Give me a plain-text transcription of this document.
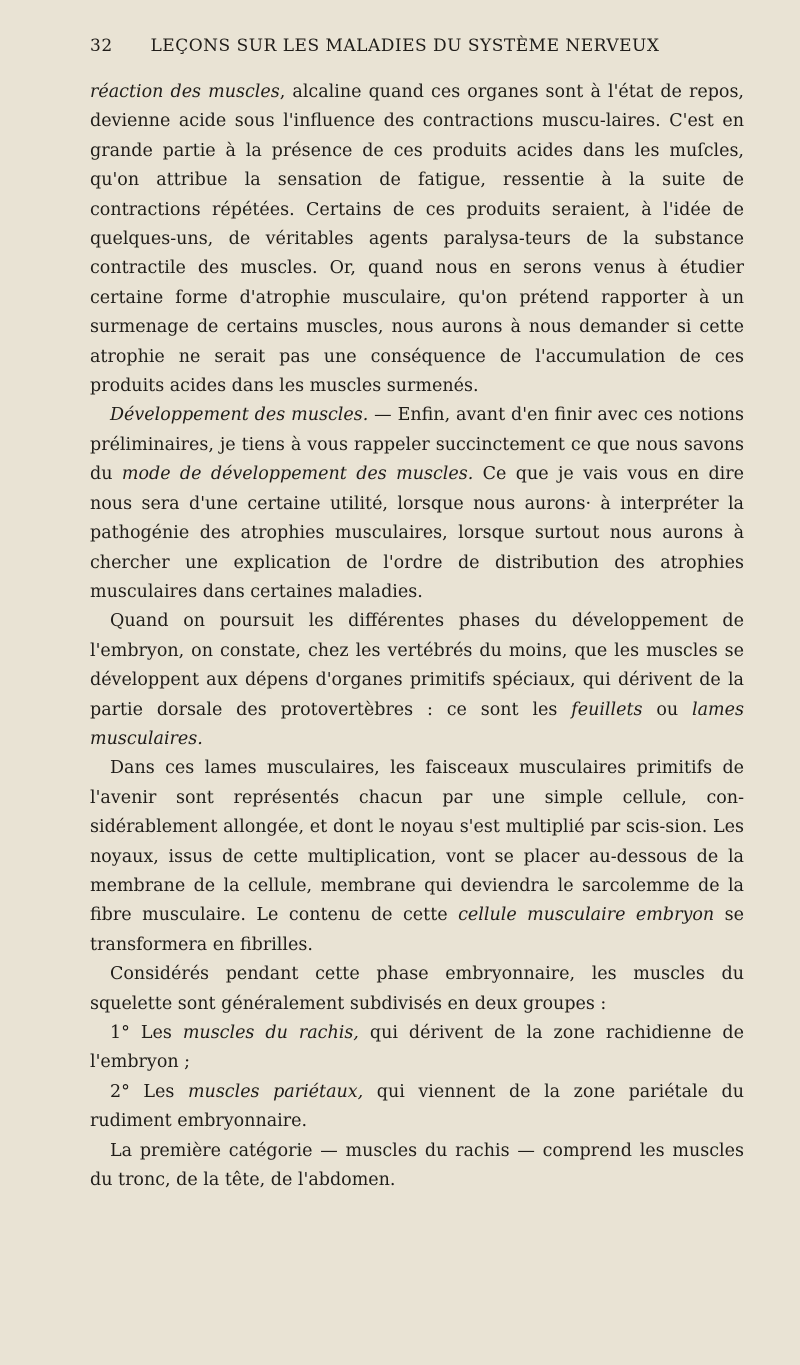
32	LEÇONS SUR LES MALADIES DU SYSTÈME NERVEUX

réaction des muscles, alcaline quand ces organes sont à l'état de repos, devienne acide sous l'influence des contractions muscu-laires. C'est en grande partie à la présence de ces produits acides dans les muſcles, qu'on attribue la sensation de fatigue, ressentie à la suite de contractions répétées. Certains de ces produits seraient, à l'idée de quelques-uns, de véritables agents paralysa-teurs de la substance contractile des muscles. Or, quand nous en serons venus à étudier certaine forme d'atrophie musculaire, qu'on prétend rapporter à un surmenage de certains muscles, nous aurons à nous demander si cette atrophie ne serait pas une conséquence de l'accumulation de ces produits acides dans les muscles surmenés.

Développement des muscles. — Enfin, avant d'en finir avec ces notions préliminaires, je tiens à vous rappeler succinctement ce que nous savons du mode de développement des muscles. Ce que je vais vous en dire nous sera d'une certaine utilité, lorsque nous aurons· à interpréter la pathogénie des atrophies musculaires, lorsque surtout nous aurons à chercher une explication de l'ordre de distribution des atrophies musculaires dans certaines maladies.

Quand on poursuit les différentes phases du développement de l'embryon, on constate, chez les vertébrés du moins, que les muscles se développent aux dépens d'organes primitifs spéciaux, qui dérivent de la partie dorsale des protovertèbres : ce sont les feuillets ou lames musculaires.

Dans ces lames musculaires, les faisceaux musculaires primitifs de l'avenir sont représentés chacun par une simple cellule, con-sidérablement allongée, et dont le noyau s'est multiplié par scis-sion. Les noyaux, issus de cette multiplication, vont se placer au-dessous de la membrane de la cellule, membrane qui deviendra le sarcolemme de la fibre musculaire. Le contenu de cette cellule musculaire embryon se transformera en fibrilles.

Considérés pendant cette phase embryonnaire, les muscles du squelette sont généralement subdivisés en deux groupes :

1° Les muscles du rachis, qui dérivent de la zone rachidienne de l'embryon ;

2° Les muscles pariétaux, qui viennent de la zone pariétale du rudiment embryonnaire.

La première catégorie — muscles du rachis — comprend les muscles du tronc, de la tête, de l'abdomen.
